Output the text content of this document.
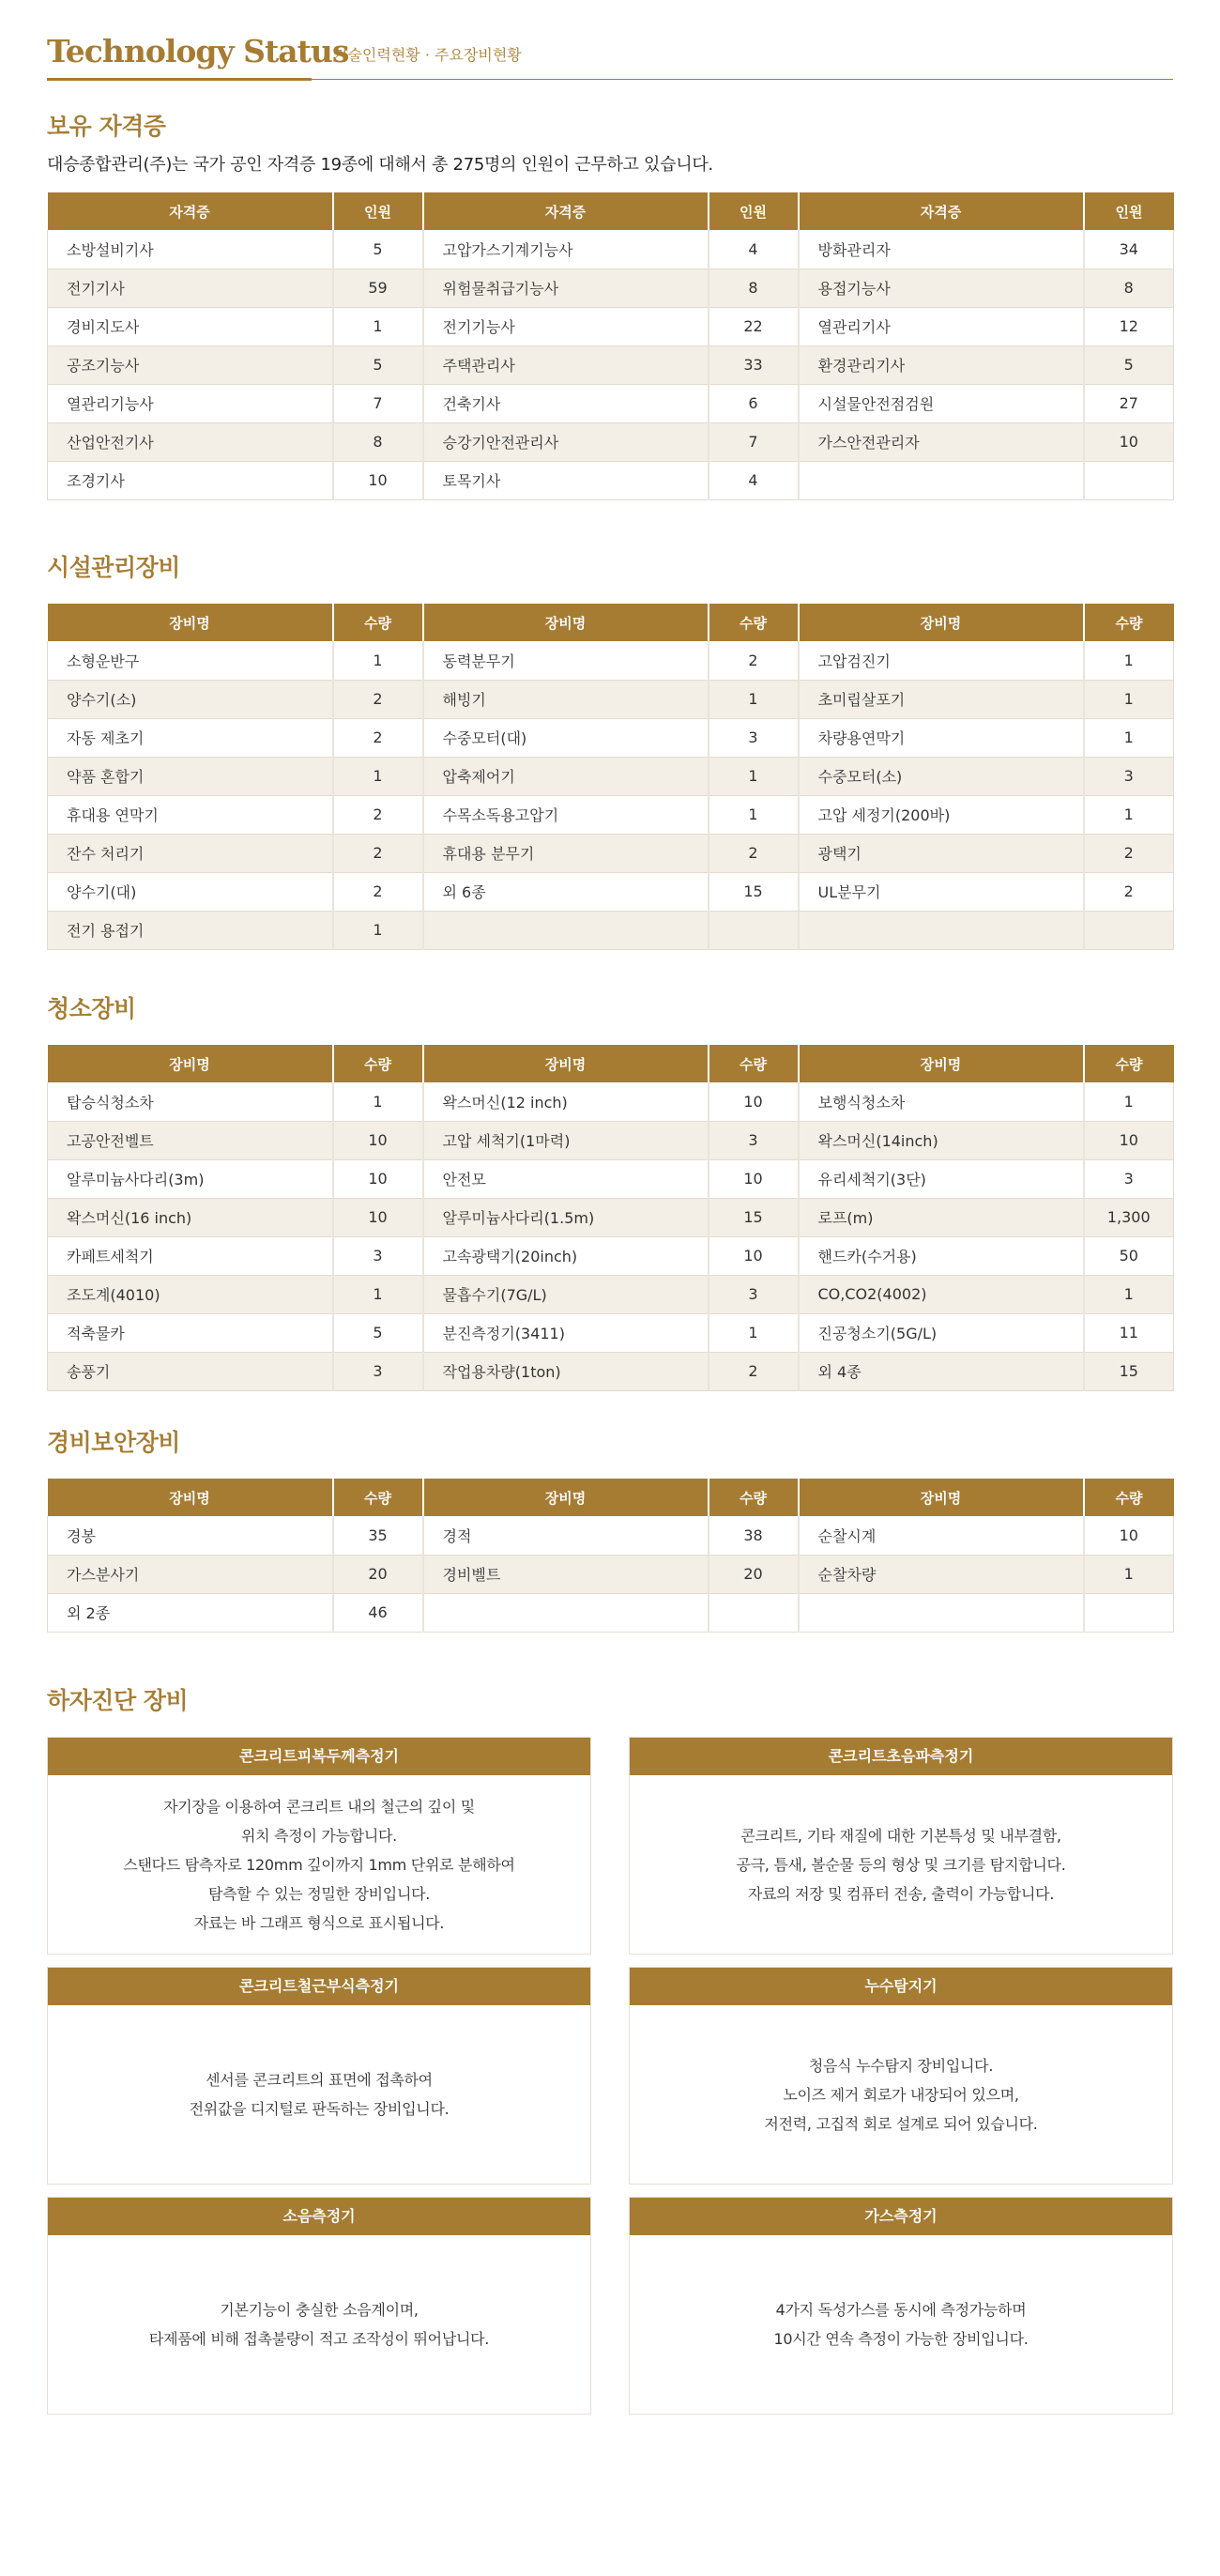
Technology Status
기술인력현황 · 주요장비현황
보유 자격증
대승종합관리(주)는 국가 공인 자격증 19종에 대해서 총 275명의 인원이 근무하고 있습니다.
자격증	인원	자격증	인원	자격증	인원
소방설비기사	5	고압가스기계기능사	4	방화관리자	34
전기기사	59	위험물취급기능사	8	용접기능사	8
경비지도사	1	전기기능사	22	열관리기사	12
공조기능사	5	주택관리사	33	환경관리기사	5
열관리기능사	7	건축기사	6	시설물안전점검원	27
산업안전기사	8	승강기안전관리사	7	가스안전관리자	10
조경기사	10	토목기사	4		
시설관리장비
장비명	수량	장비명	수량	장비명	수량
소형운반구	1	동력분무기	2	고압검진기	1
양수기(소)	2	해빙기	1	초미립살포기	1
자동 제초기	2	수중모터(대)	3	차량용연막기	1
약품 혼합기	1	압축제어기	1	수중모터(소)	3
휴대용 연막기	2	수목소독용고압기	1	고압 세정기(200바)	1
잔수 처리기	2	휴대용 분무기	2	광택기	2
양수기(대)	2	외 6종	15	UL분무기	2
전기 용접기	1				
청소장비
장비명	수량	장비명	수량	장비명	수량
탑승식청소차	1	왁스머신(12 inch)	10	보행식청소차	1
고공안전벨트	10	고압 세척기(1마력)	3	왁스머신(14inch)	10
알루미늄사다리(3m)	10	안전모	10	유리세척기(3단)	3
왁스머신(16 inch)	10	알루미늄사다리(1.5m)	15	로프(m)	1,300
카페트세척기	3	고속광택기(20inch)	10	핸드카(수거용)	50
조도계(4010)	1	물흡수기(7G/L)	3	CO,CO2(4002)	1
적축물카	5	분진측정기(3411)	1	진공청소기(5G/L)	11
송풍기	3	작업용차량(1ton)	2	외 4종	15
경비보안장비
장비명	수량	장비명	수량	장비명	수량
경봉	35	경적	38	순찰시계	10
가스분사기	20	경비벨트	20	순찰차량	1
외 2종	46				
하자진단 장비
콘크리트피복두께측정기
자기장을 이용하여 콘크리트 내의 철근의 깊이 및
위치 측정이 가능합니다.
스탠다드 탐측자로 120mm 깊이까지 1mm 단위로 분해하여
탐측할 수 있는 정밀한 장비입니다.
자료는 바 그래프 형식으로 표시됩니다.
콘크리트초음파측정기
콘크리트, 기타 재질에 대한 기본특성 및 내부결함,
공극, 틈새, 볼순물 등의 형상 및 크기를 탐지합니다.
자료의 저장 및 컴퓨터 전송, 출력이 가능합니다.
콘크리트철근부식측정기
센서를 콘크리트의 표면에 접촉하여
전위값을 디지털로 판독하는 장비입니다.
누수탐지기
청음식 누수탐지 장비입니다.
노이즈 제거 회로가 내장되어 있으며,
저전력, 고집적 회로 설계로 되어 있습니다.
소음측정기
기본기능이 충실한 소음계이며,
타제품에 비해 접촉불량이 적고 조작성이 뛰어납니다.
가스측정기
4가지 독성가스를 동시에 측정가능하며
10시간 연속 측정이 가능한 장비입니다.
